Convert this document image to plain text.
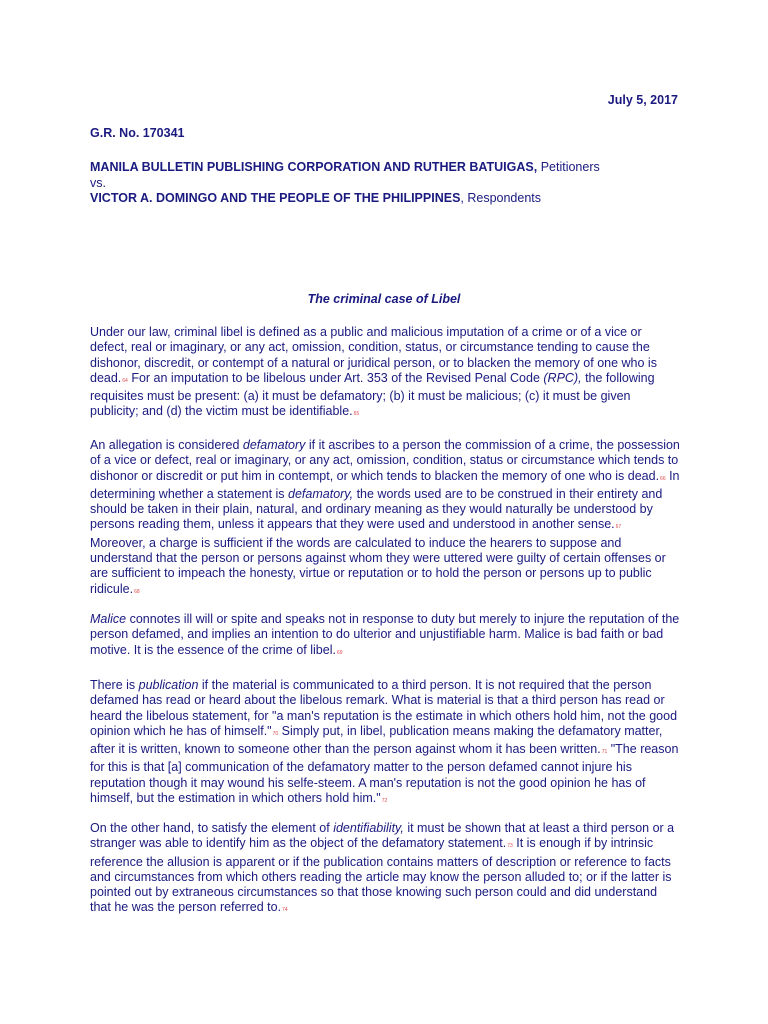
July 5, 2017

G.R. No. 170341

MANILA BULLETIN PUBLISHING CORPORATION AND RUTHER BATUIGAS, Petitioners
vs.
VICTOR A. DOMINGO AND THE PEOPLE OF THE PHILIPPINES, Respondents

The criminal case of Libel

Under our law, criminal libel is defined as a public and malicious imputation of a crime or of a vice or defect, real or imaginary, or any act, omission, condition, status, or circumstance tending to cause the dishonor, discredit, or contempt of a natural or juridical person, or to blacken the memory of one who is dead.64 For an imputation to be libelous under Art. 353 of the Revised Penal Code (RPC), the following requisites must be present: (a) it must be defamatory; (b) it must be malicious; (c) it must be given publicity; and (d) the victim must be identifiable.65

An allegation is considered defamatory if it ascribes to a person the commission of a crime, the possession of a vice or defect, real or imaginary, or any act, omission, condition, status or circumstance which tends to dishonor or discredit or put him in contempt, or which tends to blacken the memory of one who is dead.66 In determining whether a statement is defamatory, the words used are to be construed in their entirety and should be taken in their plain, natural, and ordinary meaning as they would naturally be understood by persons reading them, unless it appears that they were used and understood in another sense.67 Moreover, a charge is sufficient if the words are calculated to induce the hearers to suppose and understand that the person or persons against whom they were uttered were guilty of certain offenses or are sufficient to impeach the honesty, virtue or reputation or to hold the person or persons up to public ridicule.68

Malice connotes ill will or spite and speaks not in response to duty but merely to injure the reputation of the person defamed, and implies an intention to do ulterior and unjustifiable harm. Malice is bad faith or bad motive. It is the essence of the crime of libel.69

There is publication if the material is communicated to a third person. It is not required that the person defamed has read or heard about the libelous remark. What is material is that a third person has read or heard the libelous statement, for "a man's reputation is the estimate in which others hold him, not the good opinion which he has of himself."70 Simply put, in libel, publication means making the defamatory matter, after it is written, known to someone other than the person against whom it has been written.71 "The reason for this is that [a] communication of the defamatory matter to the person defamed cannot injure his reputation though it may wound his selfe-steem. A man's reputation is not the good opinion he has of himself, but the estimation in which others hold him."72

On the other hand, to satisfy the element of identifiability, it must be shown that at least a third person or a stranger was able to identify him as the object of the defamatory statement.73 It is enough if by intrinsic reference the allusion is apparent or if the publication contains matters of description or reference to facts and circumstances from which others reading the article may know the person alluded to; or if the latter is pointed out by extraneous circumstances so that those knowing such person could and did understand that he was the person referred to.74
